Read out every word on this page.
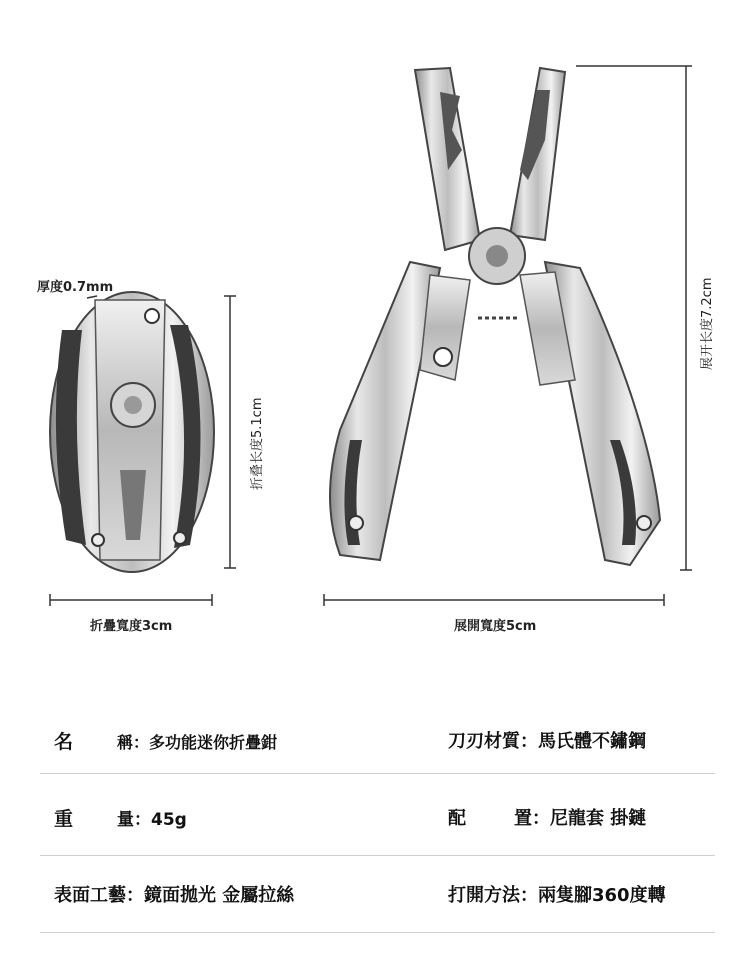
厚度0.7mm
折叠长度5.1cm
折疊寬度3cm	展開寬度5cm
展开长度7.2cm
名	稱：多功能迷你折疊鉗	刀刃材質：馬氏體不鏽鋼
重	量：45g	配	置：尼龍套 掛鏈
表面工藝：鏡面拋光 金屬拉絲	打開方法：兩隻腳360度轉
